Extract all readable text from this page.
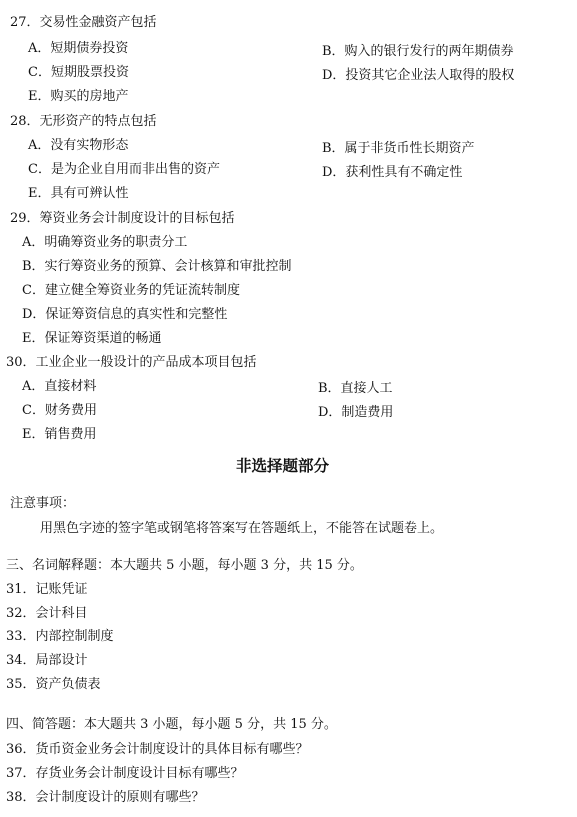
27．交易性金融资产包括
A．短期债券投资	B．购入的银行发行的两年期债券
C．短期股票投资	D．投资其它企业法人取得的股权
E．购买的房地产
28．无形资产的特点包括
A．没有实物形态	B．属于非货币性长期资产
C．是为企业自用而非出售的资产	D．获利性具有不确定性
E．具有可辨认性
29．筹资业务会计制度设计的目标包括
A．明确筹资业务的职责分工
B．实行筹资业务的预算、会计核算和审批控制
C．建立健全筹资业务的凭证流转制度
D．保证筹资信息的真实性和完整性
E．保证筹资渠道的畅通
30．工业企业一般设计的产品成本项目包括
A．直接材料	B．直接人工
C．财务费用	D．制造费用
E．销售费用
非选择题部分
注意事项：
用黑色字迹的签字笔或钢笔将答案写在答题纸上，不能答在试题卷上。
三、名词解释题：本大题共 5 小题，每小题 3 分，共 15 分。
31．记账凭证
32．会计科目
33．内部控制制度
34．局部设计
35．资产负债表
四、简答题：本大题共 3 小题，每小题 5 分，共 15 分。
36．货币资金业务会计制度设计的具体目标有哪些？
37．存货业务会计制度设计目标有哪些？
38．会计制度设计的原则有哪些？
